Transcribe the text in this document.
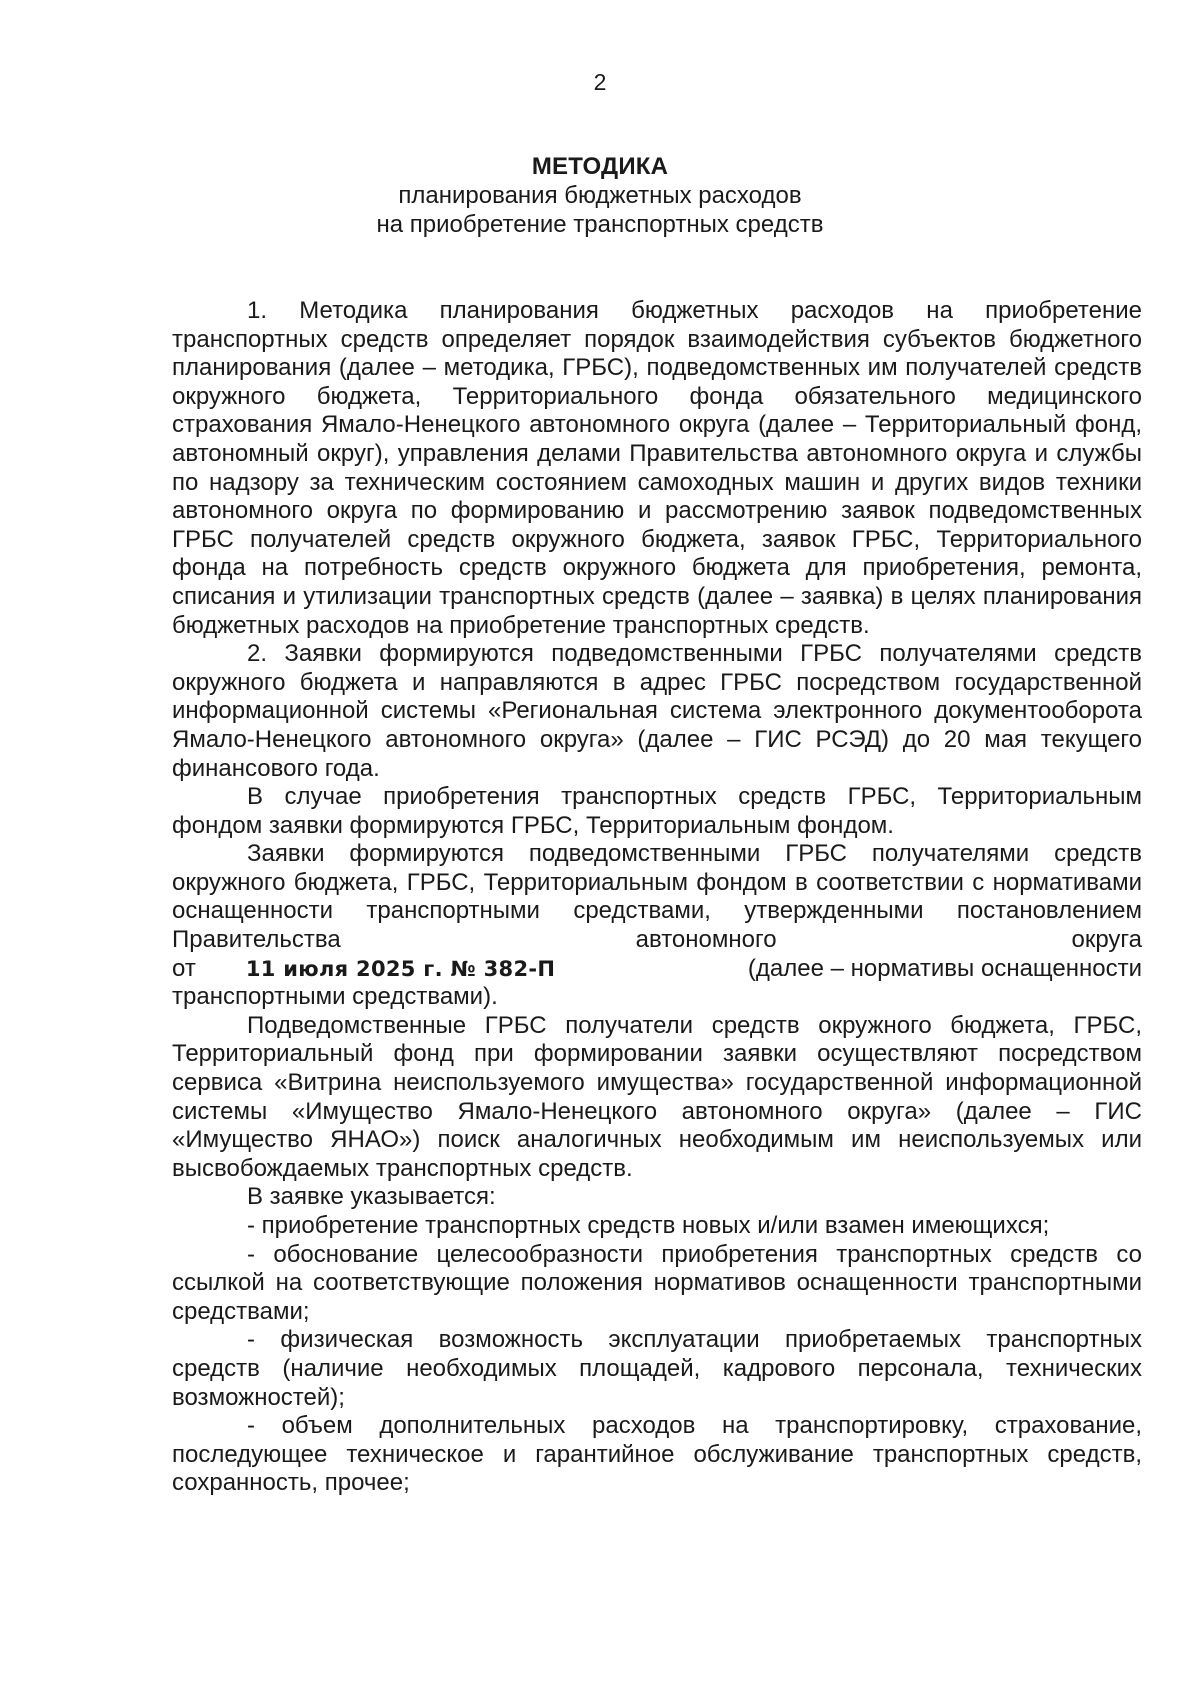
2
МЕТОДИКА
планирования бюджетных расходов
на приобретение транспортных средств

1. Методика планирования бюджетных расходов на приобретение транспортных средств определяет порядок взаимодействия субъектов бюджетного планирования (далее – методика, ГРБС), подведомственных им получателей средств окружного бюджета, Территориального фонда обязательного медицинского страхования Ямало-Ненецкого автономного округа (далее – Территориальный фонд, автономный округ), управления делами Правительства автономного округа и службы по надзору за техническим состоянием самоходных машин и других видов техники автономного округа по формированию и рассмотрению заявок подведомственных ГРБС получателей средств окружного бюджета, заявок ГРБС, Территориального фонда на потребность средств окружного бюджета для приобретения, ремонта, списания и утилизации транспортных средств (далее – заявка) в целях планирования бюджетных расходов на приобретение транспортных средств.

2. Заявки формируются подведомственными ГРБС получателями средств окружного бюджета и направляются в адрес ГРБС посредством государственной информационной системы «Региональная система электронного документооборота Ямало-Ненецкого автономного округа» (далее – ГИС РСЭД) до 20 мая текущего финансового года.

В случае приобретения транспортных средств ГРБС, Территориальным фондом заявки формируются ГРБС, Территориальным фондом.

Заявки формируются подведомственными ГРБС получателями средств окружного бюджета, ГРБС, Территориальным фондом в соответствии с нормативами оснащенности транспортными средствами, утвержденными постановлением Правительства автономного округа

от 11 июля 2025 г. № 382-П	(далее – нормативы оснащенности
транспортными средствами).

Подведомственные ГРБС получатели средств окружного бюджета, ГРБС, Территориальный фонд при формировании заявки осуществляют посредством сервиса «Витрина неиспользуемого имущества» государственной информационной системы «Имущество Ямало-Ненецкого автономного округа» (далее – ГИС «Имущество ЯНАО») поиск аналогичных необходимым им неиспользуемых или высвобождаемых транспортных средств.

В заявке указывается:

- приобретение транспортных средств новых и/или взамен имеющихся;

- обоснование целесообразности приобретения транспортных средств со ссылкой на соответствующие положения нормативов оснащенности транспортными средствами;

- физическая возможность эксплуатации приобретаемых транспортных средств (наличие необходимых площадей, кадрового персонала, технических возможностей);

- объем дополнительных расходов на транспортировку, страхование, последующее техническое и гарантийное обслуживание транспортных средств, сохранность, прочее;
